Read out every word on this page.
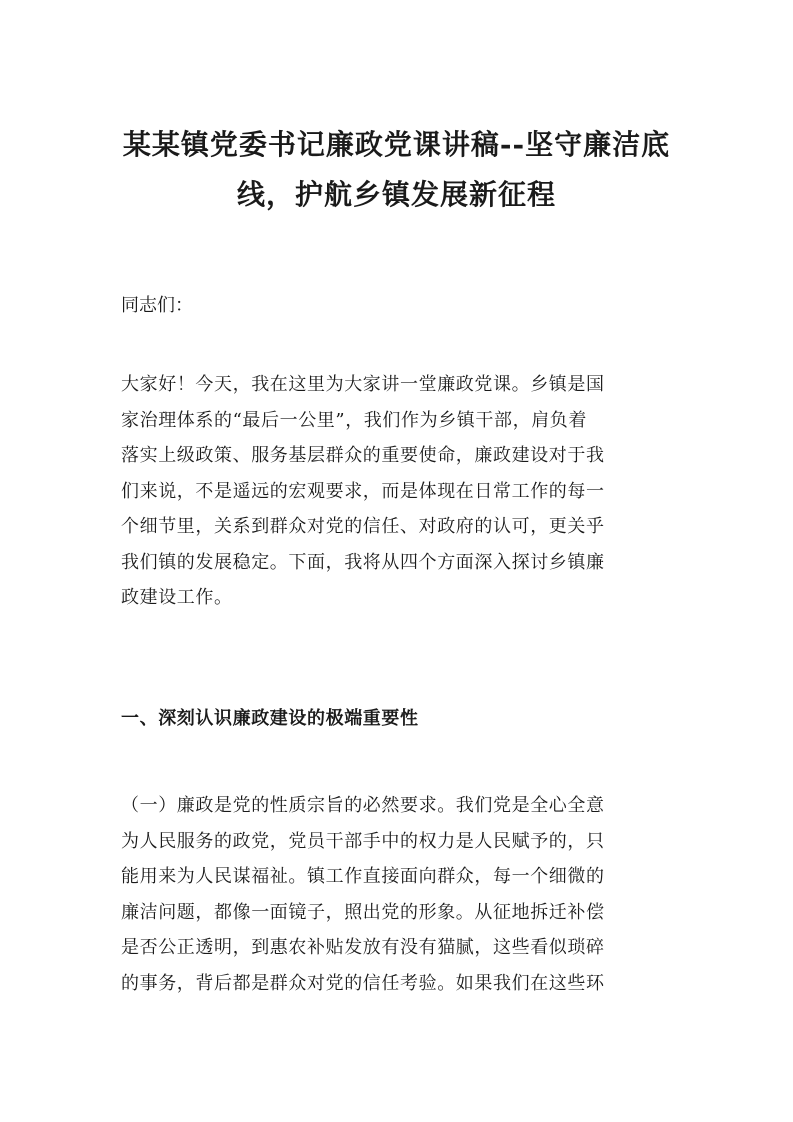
某某镇党委书记廉政党课讲稿--坚守廉洁底
线，护航乡镇发展新征程

同志们：

大家好！今天，我在这里为大家讲一堂廉政党课。乡镇是国
家治理体系的“最后一公里”，我们作为乡镇干部，肩负着
落实上级政策、服务基层群众的重要使命，廉政建设对于我
们来说，不是遥远的宏观要求，而是体现在日常工作的每一
个细节里，关系到群众对党的信任、对政府的认可，更关乎
我们镇的发展稳定。下面，我将从四个方面深入探讨乡镇廉
政建设工作。

一、深刻认识廉政建设的极端重要性

（一）廉政是党的性质宗旨的必然要求。我们党是全心全意
为人民服务的政党，党员干部手中的权力是人民赋予的，只
能用来为人民谋福祉。镇工作直接面向群众，每一个细微的
廉洁问题，都像一面镜子，照出党的形象。从征地拆迁补偿
是否公正透明，到惠农补贴发放有没有猫腻，这些看似琐碎
的事务，背后都是群众对党的信任考验。如果我们在这些环
